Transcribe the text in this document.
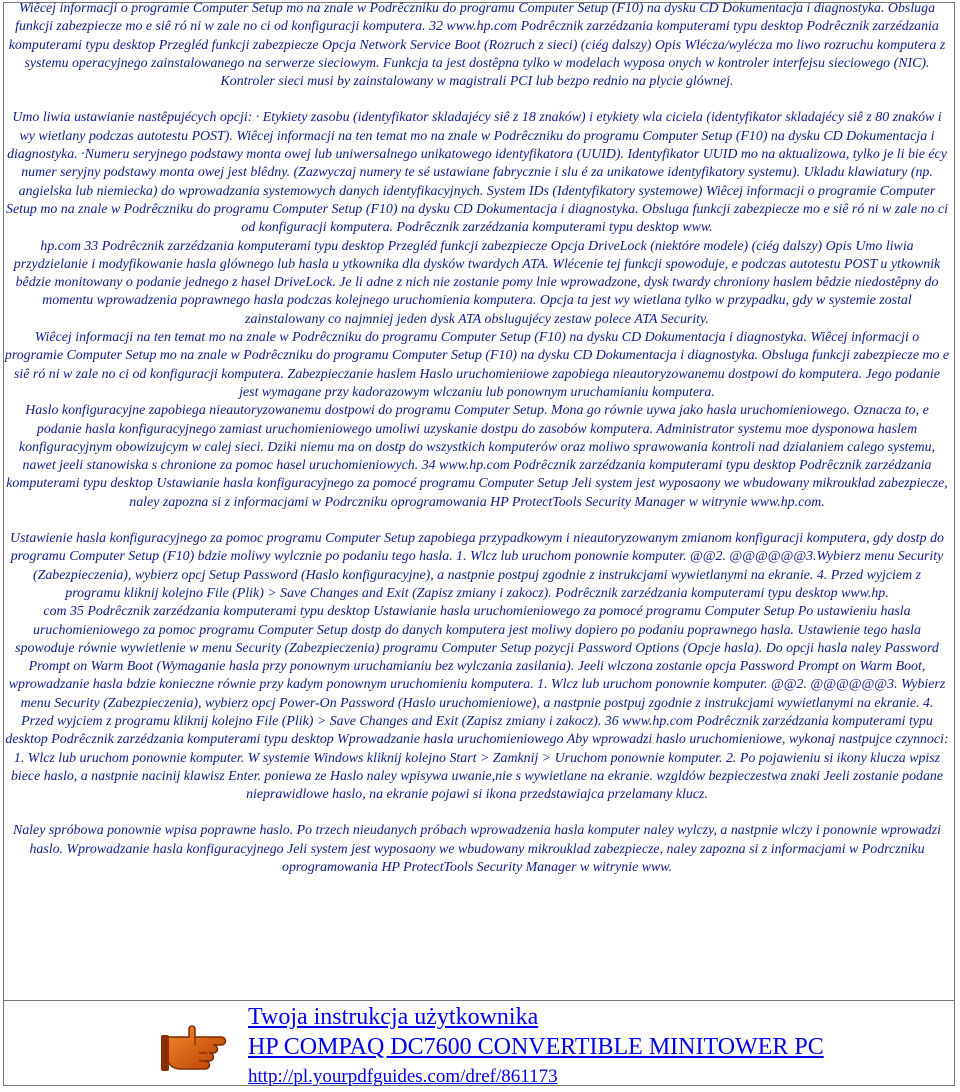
Wiêcej informacji o programie Computer Setup mo na znale w Podrêczniku do programu Computer Setup (F10) na dysku CD Dokumentacja i diagnostyka. Obsluga funkcji zabezpiecze mo e siê ró ni w zale no ci od konfiguracji komputera. 32 www.hp.com Podrêcznik zarzédzania komputerami typu desktop Podrêcznik zarzédzania komputerami typu desktop Przegléd funkcji zabezpiecze Opcja Network Service Boot (Rozruch z sieci) (ciég dalszy) Opis Wlécza/wylécza mo liwo rozruchu komputera z systemu operacyjnego zainstalowanego na serwerze sieciowym. Funkcja ta jest dostêpna tylko w modelach wyposa onych w kontroler interfejsu sieciowego (NIC). Kontroler sieci musi by zainstalowany w magistrali PCI lub bezpo rednio na plycie glównej.

Umo liwia ustawianie nastêpujécych opcji: · Etykiety zasobu (identyfikator skladajécy siê z 18 znaków) i etykiety wla ciciela (identyfikator skladajécy siê z 80 znaków i wy wietlany podczas autotestu POST). Wiêcej informacji na ten temat mo na znale w Podrêczniku do programu Computer Setup (F10) na dysku CD Dokumentacja i diagnostyka. ·Numeru seryjnego podstawy monta owej lub uniwersalnego unikatowego identyfikatora (UUID). Identyfikator UUID mo na aktualizowa, tylko je li bie écy numer seryjny podstawy monta owej jest blêdny. (Zazwyczaj numery te sé ustawiane fabrycznie i slu é za unikatowe identyfikatory systemu). Ukladu klawiatury (np. angielska lub niemiecka) do wprowadzania systemowych danych identyfikacyjnych. System IDs (Identyfikatory systemowe) Wiêcej informacji o programie Computer Setup mo na znale w Podrêczniku do programu Computer Setup (F10) na dysku CD Dokumentacja i diagnostyka. Obsluga funkcji zabezpiecze mo e siê ró ni w zale no ci od konfiguracji komputera. Podrêcznik zarzédzania komputerami typu desktop www.

hp.com 33 Podrêcznik zarzédzania komputerami typu desktop Przegléd funkcji zabezpiecze Opcja DriveLock (niektóre modele) (ciég dalszy) Opis Umo liwia przydzielanie i modyfikowanie hasla glównego lub hasla u ytkownika dla dysków twardych ATA. Wlécenie tej funkcji spowoduje, e podczas autotestu POST u ytkownik bêdzie monitowany o podanie jednego z hasel DriveLock. Je li adne z nich nie zostanie pomy lnie wprowadzone, dysk twardy chroniony haslem bêdzie niedostêpny do momentu wprowadzenia poprawnego hasla podczas kolejnego uruchomienia komputera. Opcja ta jest wy wietlana tylko w przypadku, gdy w systemie zostal zainstalowany co najmniej jeden dysk ATA obslugujécy zestaw polece ATA Security.

Wiêcej informacji na ten temat mo na znale w Podrêczniku do programu Computer Setup (F10) na dysku CD Dokumentacja i diagnostyka. Wiêcej informacji o programie Computer Setup mo na znale w Podrêczniku do programu Computer Setup (F10) na dysku CD Dokumentacja i diagnostyka. Obsluga funkcji zabezpiecze mo e siê ró ni w zale no ci od konfiguracji komputera. Zabezpieczanie haslem Haslo uruchomieniowe zapobiega nieautoryzowanemu dostpowi do komputera. Jego podanie jest wymagane przy kadorazowym wlczaniu lub ponownym uruchamianiu komputera.

Haslo konfiguracyjne zapobiega nieautoryzowanemu dostpowi do programu Computer Setup. Mona go równie uywa jako hasla uruchomieniowego. Oznacza to, e podanie hasla konfiguracyjnego zamiast uruchomieniowego umoliwi uzyskanie dostpu do zasobów komputera. Administrator systemu moe dysponowa haslem konfiguracyjnym obowizujcym w calej sieci. Dziki niemu ma on dostp do wszystkich komputerów oraz moliwo sprawowania kontroli nad dzialaniem calego systemu, nawet jeeli stanowiska s chronione za pomoc hasel uruchomieniowych. 34 www.hp.com Podrêcznik zarzédzania komputerami typu desktop Podrêcznik zarzédzania komputerami typu desktop Ustawianie hasla konfiguracyjnego za pomocé programu Computer Setup Jeli system jest wyposaony we wbudowany mikrouklad zabezpiecze, naley zapozna si z informacjami w Podrczniku oprogramowania HP ProtectTools Security Manager w witrynie www.hp.com.

Ustawienie hasla konfiguracyjnego za pomoc programu Computer Setup zapobiega przypadkowym i nieautoryzowanym zmianom konfiguracji komputera, gdy dostp do programu Computer Setup (F10) bdzie moliwy wylcznie po podaniu tego hasla. 1. Wlcz lub uruchom ponownie komputer. @@2. @@@@@@3.Wybierz menu Security (Zabezpieczenia), wybierz opcj Setup Password (Haslo konfiguracyjne), a nastpnie postpuj zgodnie z instrukcjami wywietlanymi na ekranie. 4. Przed wyjciem z programu kliknij kolejno File (Plik) > Save Changes and Exit (Zapisz zmiany i zakocz). Podrêcznik zarzédzania komputerami typu desktop www.hp.

com 35 Podrêcznik zarzédzania komputerami typu desktop Ustawianie hasla uruchomieniowego za pomocé programu Computer Setup Po ustawieniu hasla uruchomieniowego za pomoc programu Computer Setup dostp do danych komputera jest moliwy dopiero po podaniu poprawnego hasla. Ustawienie tego hasla spowoduje równie wywietlenie w menu Security (Zabezpieczenia) programu Computer Setup pozycji Password Options (Opcje hasla). Do opcji hasla naley Password Prompt on Warm Boot (Wymaganie hasla przy ponownym uruchamianiu bez wylczania zasilania). Jeeli wlczona zostanie opcja Password Prompt on Warm Boot, wprowadzanie hasla bdzie konieczne równie przy kadym ponownym uruchomieniu komputera. 1. Wlcz lub uruchom ponownie komputer. @@2. @@@@@@3. Wybierz menu Security (Zabezpieczenia), wybierz opcj Power-On Password (Haslo uruchomieniowe), a nastpnie postpuj zgodnie z instrukcjami wywietlanymi na ekranie. 4. Przed wyjciem z programu kliknij kolejno File (Plik) > Save Changes and Exit (Zapisz zmiany i zakocz). 36 www.hp.com Podrêcznik zarzédzania komputerami typu desktop Podrêcznik zarzédzania komputerami typu desktop Wprowadzanie hasla uruchomieniowego Aby wprowadzi haslo uruchomieniowe, wykonaj nastpujce czynnoci: 1. Wlcz lub uruchom ponownie komputer. W systemie Windows kliknij kolejno Start > Zamknij > Uruchom ponownie komputer. 2. Po pojawieniu si ikony klucza wpisz biece haslo, a nastpnie nacinij klawisz Enter. poniewa ze Haslo naley wpisywa uwanie,nie s wywietlane na ekranie. wzgldów bezpieczestwa znaki Jeeli zostanie podane nieprawidlowe haslo, na ekranie pojawi si ikona przedstawiajca przelamany klucz.

Naley spróbowa ponownie wpisa poprawne haslo. Po trzech nieudanych próbach wprowadzenia hasla komputer naley wylczy, a nastpnie wlczy i ponownie wprowadzi haslo. Wprowadzanie hasla konfiguracyjnego Jeli system jest wyposaony we wbudowany mikrouklad zabezpiecze, naley zapozna si z informacjami w Podrczniku oprogramowania HP ProtectTools Security Manager w witrynie www.

Twoja instrukcja użytkownika
HP COMPAQ DC7600 CONVERTIBLE MINITOWER PC
http://pl.yourpdfguides.com/dref/861173
